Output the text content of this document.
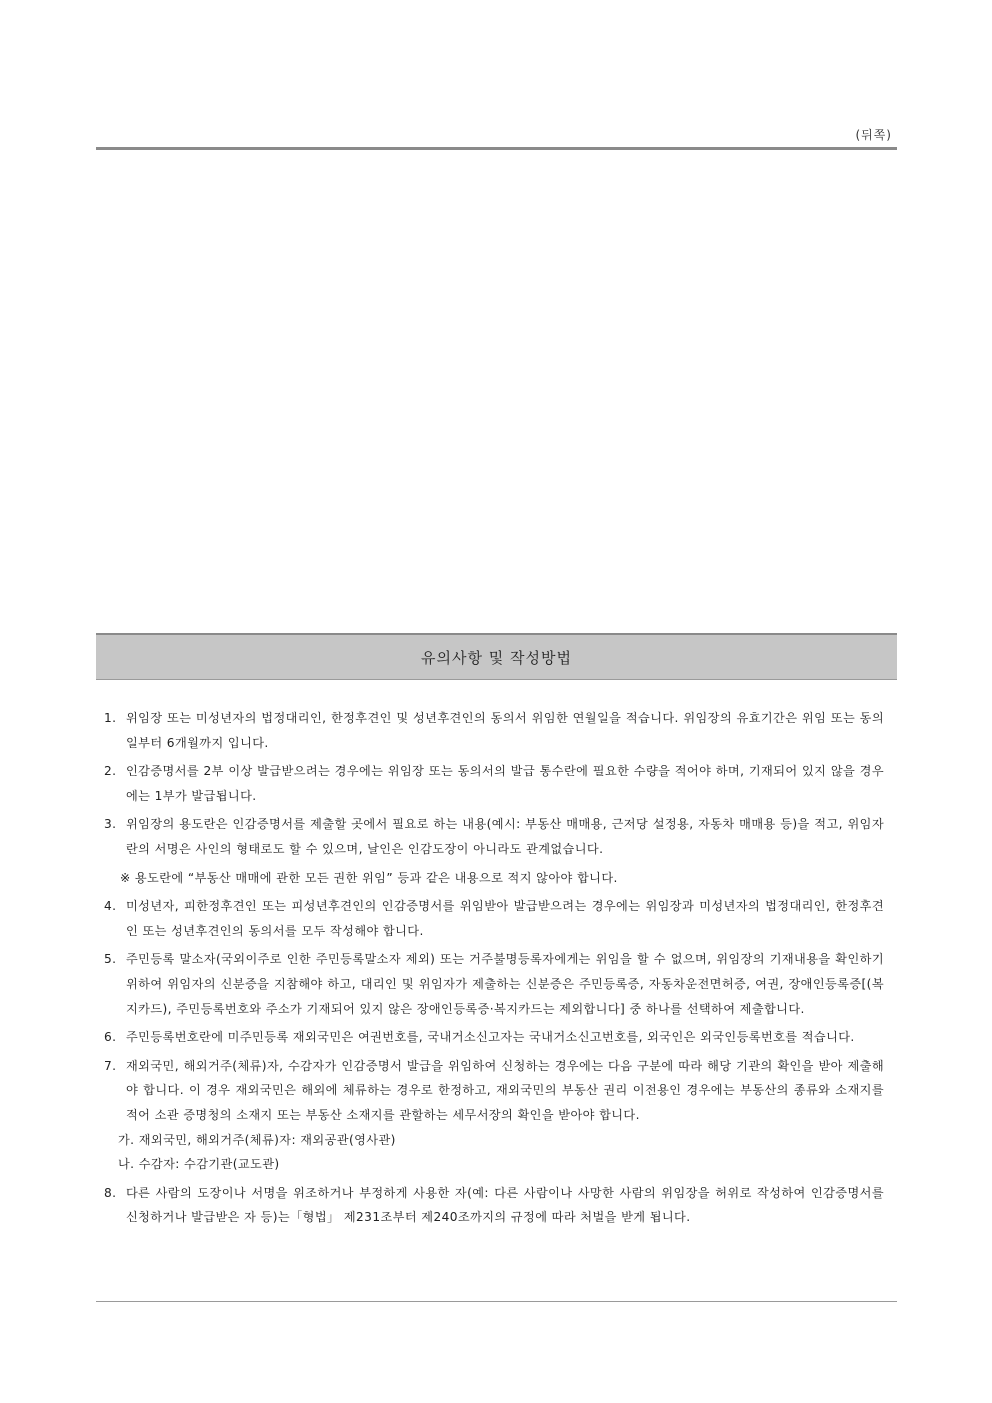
(뒤쪽)
유의사항 및 작성방법
1. 위임장 또는 미성년자의 법정대리인, 한정후견인 및 성년후견인의 동의서 위임한 연월일을 적습니다. 위임장의 유효기간은 위임 또는 동의일부터 6개월까지 입니다.
2. 인감증명서를 2부 이상 발급받으려는 경우에는 위임장 또는 동의서의 발급 통수란에 필요한 수량을 적어야 하며, 기재되어 있지 않을 경우에는 1부가 발급됩니다.
3. 위임장의 용도란은 인감증명서를 제출할 곳에서 필요로 하는 내용(예시: 부동산 매매용, 근저당 설정용, 자동차 매매용 등)을 적고, 위임자란의 서명은 사인의 형태로도 할 수 있으며, 날인은 인감도장이 아니라도 관계없습니다.
※ 용도란에 “부동산 매매에 관한 모든 권한 위임” 등과 같은 내용으로 적지 않아야 합니다.
4. 미성년자, 피한정후견인 또는 피성년후견인의 인감증명서를 위임받아 발급받으려는 경우에는 위임장과 미성년자의 법정대리인, 한정후견인 또는 성년후견인의 동의서를 모두 작성해야 합니다.
5. 주민등록 말소자(국외이주로 인한 주민등록말소자 제외) 또는 거주불명등록자에게는 위임을 할 수 없으며, 위임장의 기재내용을 확인하기 위하여 위임자의 신분증을 지참해야 하고, 대리인 및 위임자가 제출하는 신분증은 주민등록증, 자동차운전면허증, 여권, 장애인등록증[(복지카드), 주민등록번호와 주소가 기재되어 있지 않은 장애인등록증·복지카드는 제외합니다] 중 하나를 선택하여 제출합니다.
6. 주민등록번호란에 미주민등록 재외국민은 여권번호를, 국내거소신고자는 국내거소신고번호를, 외국인은 외국인등록번호를 적습니다.
7. 재외국민, 해외거주(체류)자, 수감자가 인감증명서 발급을 위임하여 신청하는 경우에는 다음 구분에 따라 해당 기관의 확인을 받아 제출해야 합니다. 이 경우 재외국민은 해외에 체류하는 경우로 한정하고, 재외국민의 부동산 권리 이전용인 경우에는 부동산의 종류와 소재지를 적어 소관 증명청의 소재지 또는 부동산 소재지를 관할하는 세무서장의 확인을 받아야 합니다.
가. 재외국민, 해외거주(체류)자: 재외공관(영사관)
나. 수감자: 수감기관(교도관)
8. 다른 사람의 도장이나 서명을 위조하거나 부정하게 사용한 자(예: 다른 사람이나 사망한 사람의 위임장을 허위로 작성하여 인감증명서를 신청하거나 발급받은 자 등)는「형법」 제231조부터 제240조까지의 규정에 따라 처벌을 받게 됩니다.
